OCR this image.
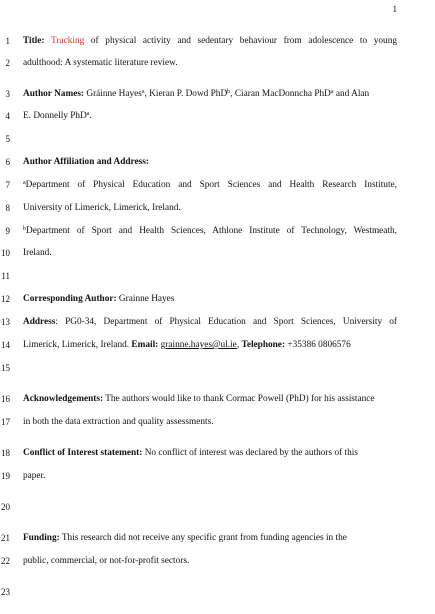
1
1
2
3
4
5
6
7
8
9
10
11
12
13
14
15
16
17
18
19
20
21
22
23
Title: Tracking of physical activity and sedentary behaviour from adolescence to young
adulthood: A systematic literature review.
Author Names: Gráinne Hayes$^a$, Kieran P. Dowd PhD$^b$, Ciaran MacDonncha PhD$^a$ and Alan
E. Donnelly PhD$^a$.
Author Affiliation and Address:
$^a$Department of Physical Education and Sport Sciences and Health Research Institute,
University of Limerick, Limerick, Ireland.
$^b$Department of Sport and Health Sciences, Athlone Institute of Technology, Westmeath,
Ireland.
Corresponding Author: Grainne Hayes
Address: PG0-34, Department of Physical Education and Sport Sciences, University of
Limerick, Limerick, Ireland. Email: grainne.hayes@ul.ie, Telephone: +35386 0806576
Acknowledgements: The authors would like to thank Cormac Powell (PhD) for his assistance
in both the data extraction and quality assessments.
Conflict of Interest statement: No conflict of interest was declared by the authors of this
paper.
Funding: This research did not receive any specific grant from funding agencies in the
public, commercial, or not-for-profit sectors.
